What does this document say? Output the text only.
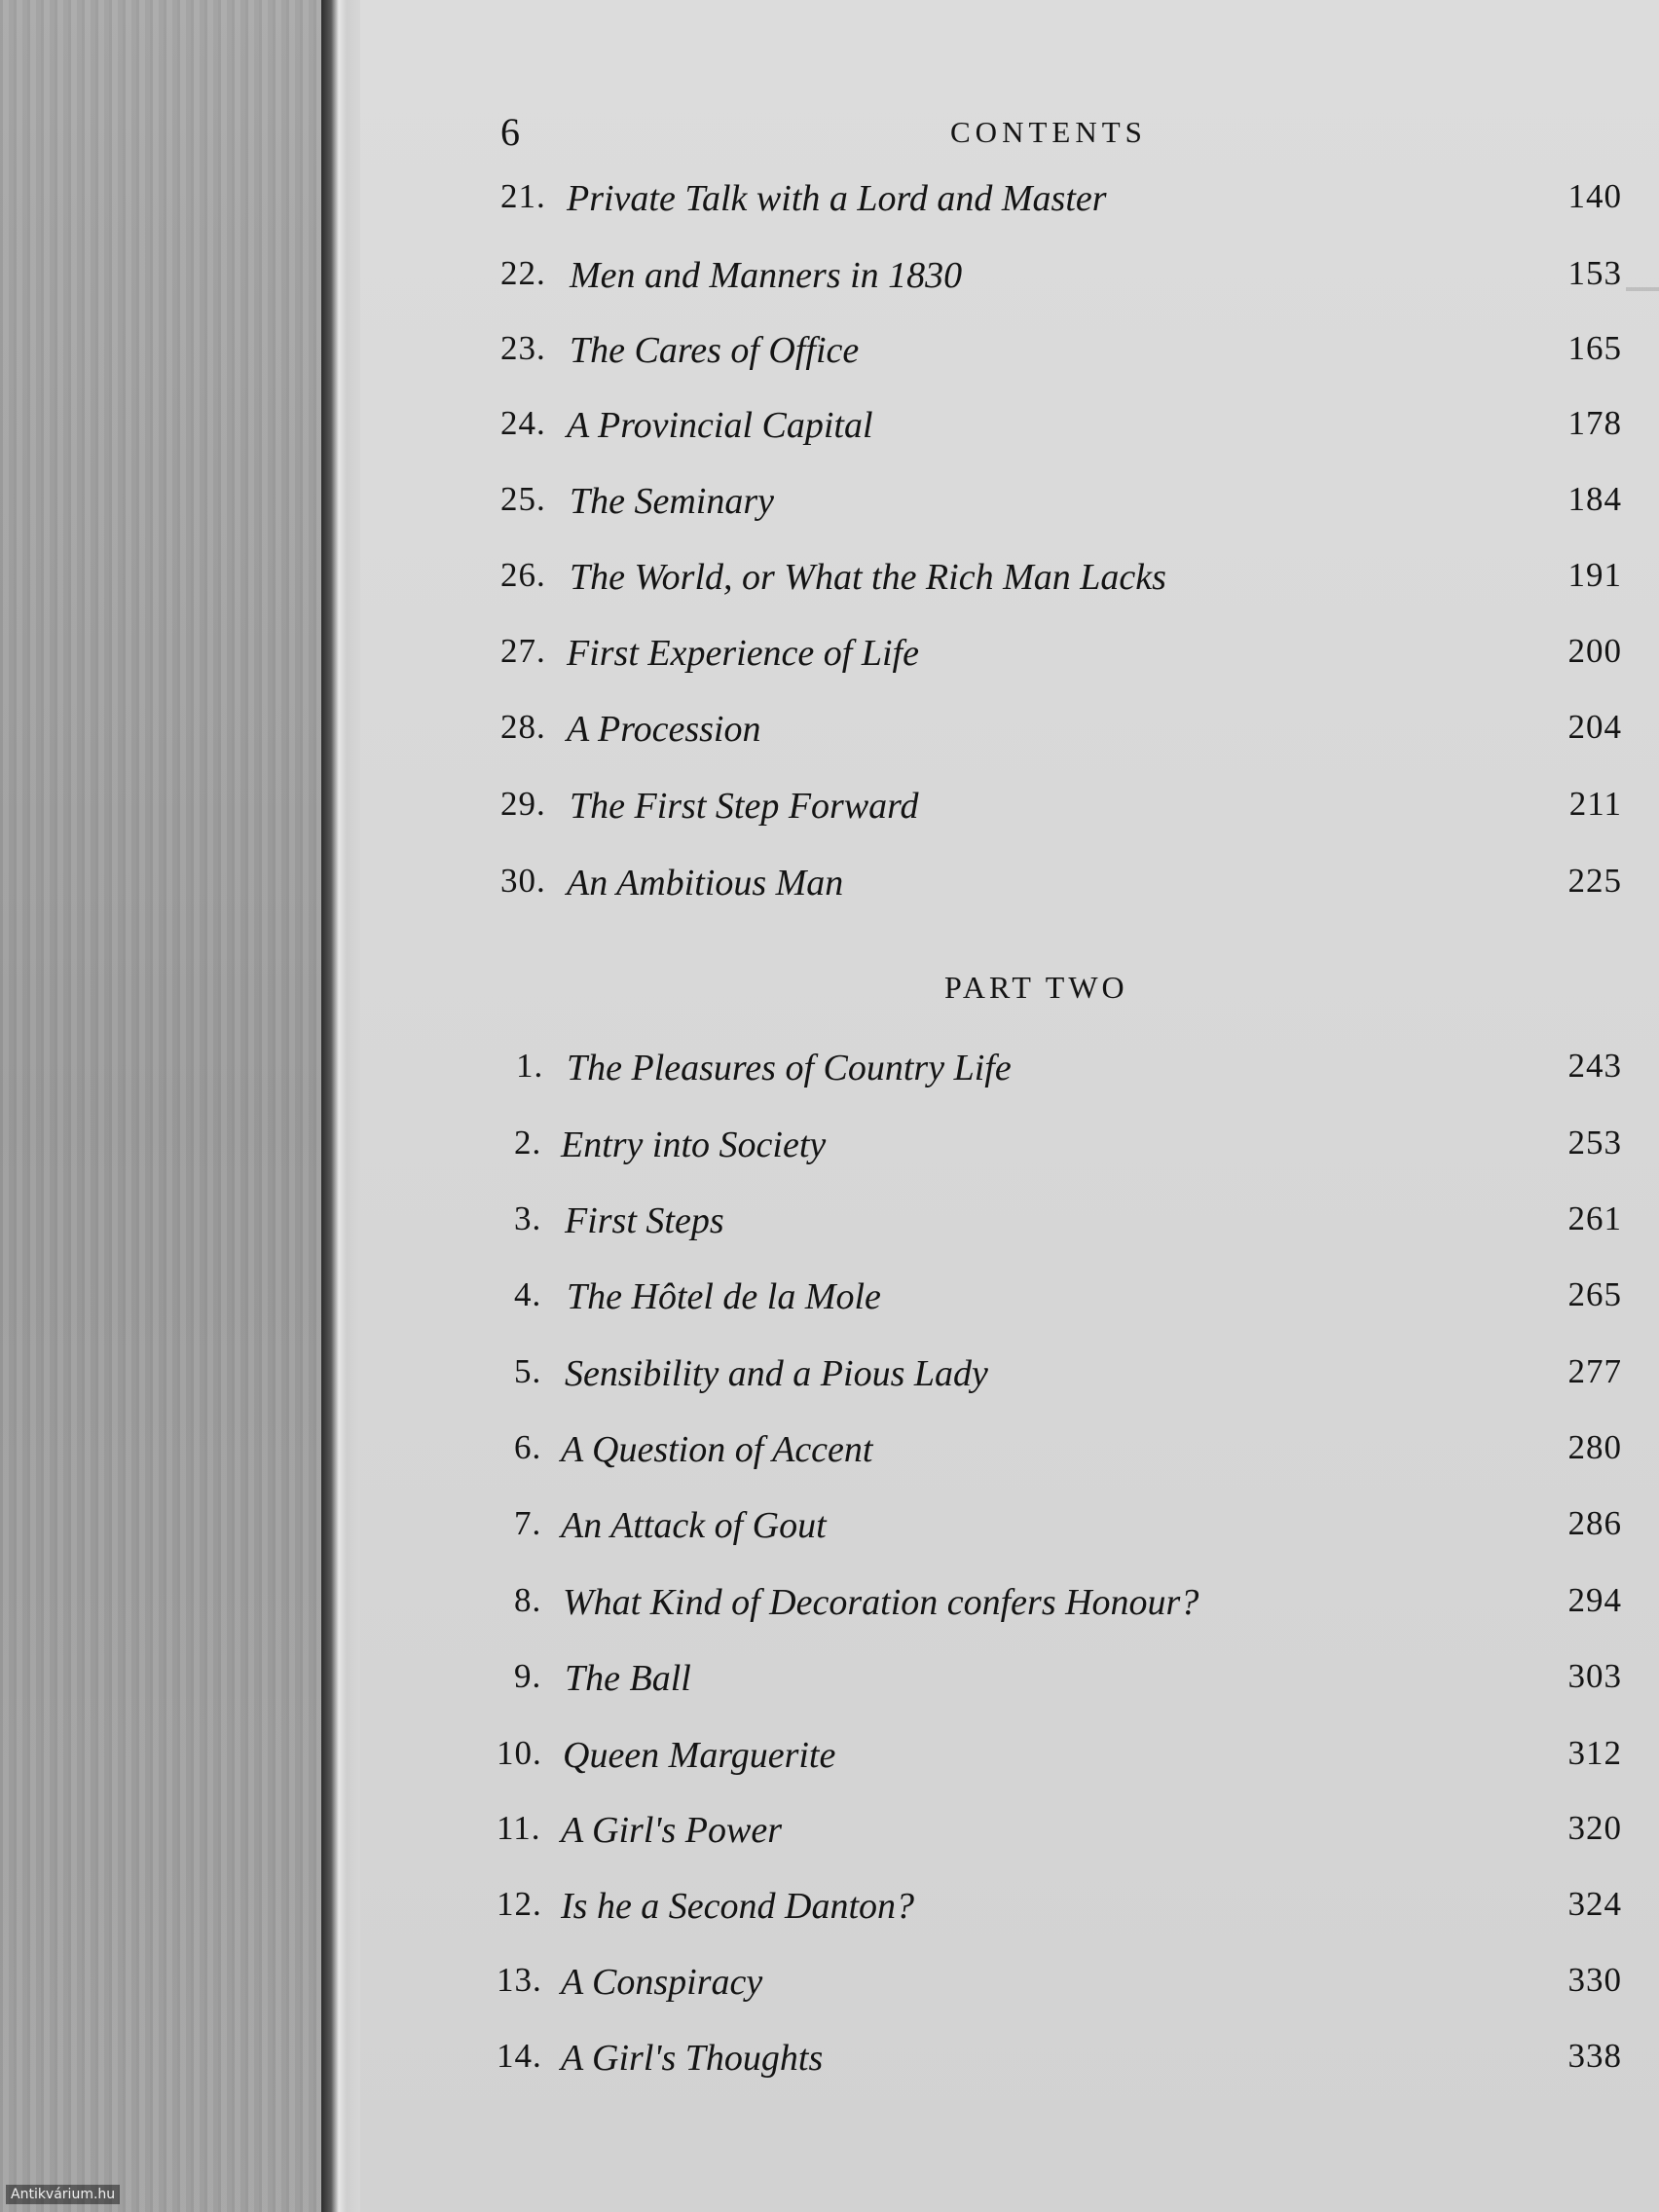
6	CONTENTS
21. Private Talk with a Lord and Master	140
22. Men and Manners in 1830	153
23. The Cares of Office	165
24. A Provincial Capital	178
25. The Seminary	184
26. The World, or What the Rich Man Lacks	191
27. First Experience of Life	200
28. A Procession	204
29. The First Step Forward	211
30. An Ambitious Man	225
PART TWO
1. The Pleasures of Country Life	243
2. Entry into Society	253
3. First Steps	261
4. The Hôtel de la Mole	265
5. Sensibility and a Pious Lady	277
6. A Question of Accent	280
7. An Attack of Gout	286
8. What Kind of Decoration confers Honour?	294
9. The Ball	303
10. Queen Marguerite	312
11. A Girl's Power	320
12. Is he a Second Danton?	324
13. A Conspiracy	330
14. A Girl's Thoughts	338
Antikvárium.hu
